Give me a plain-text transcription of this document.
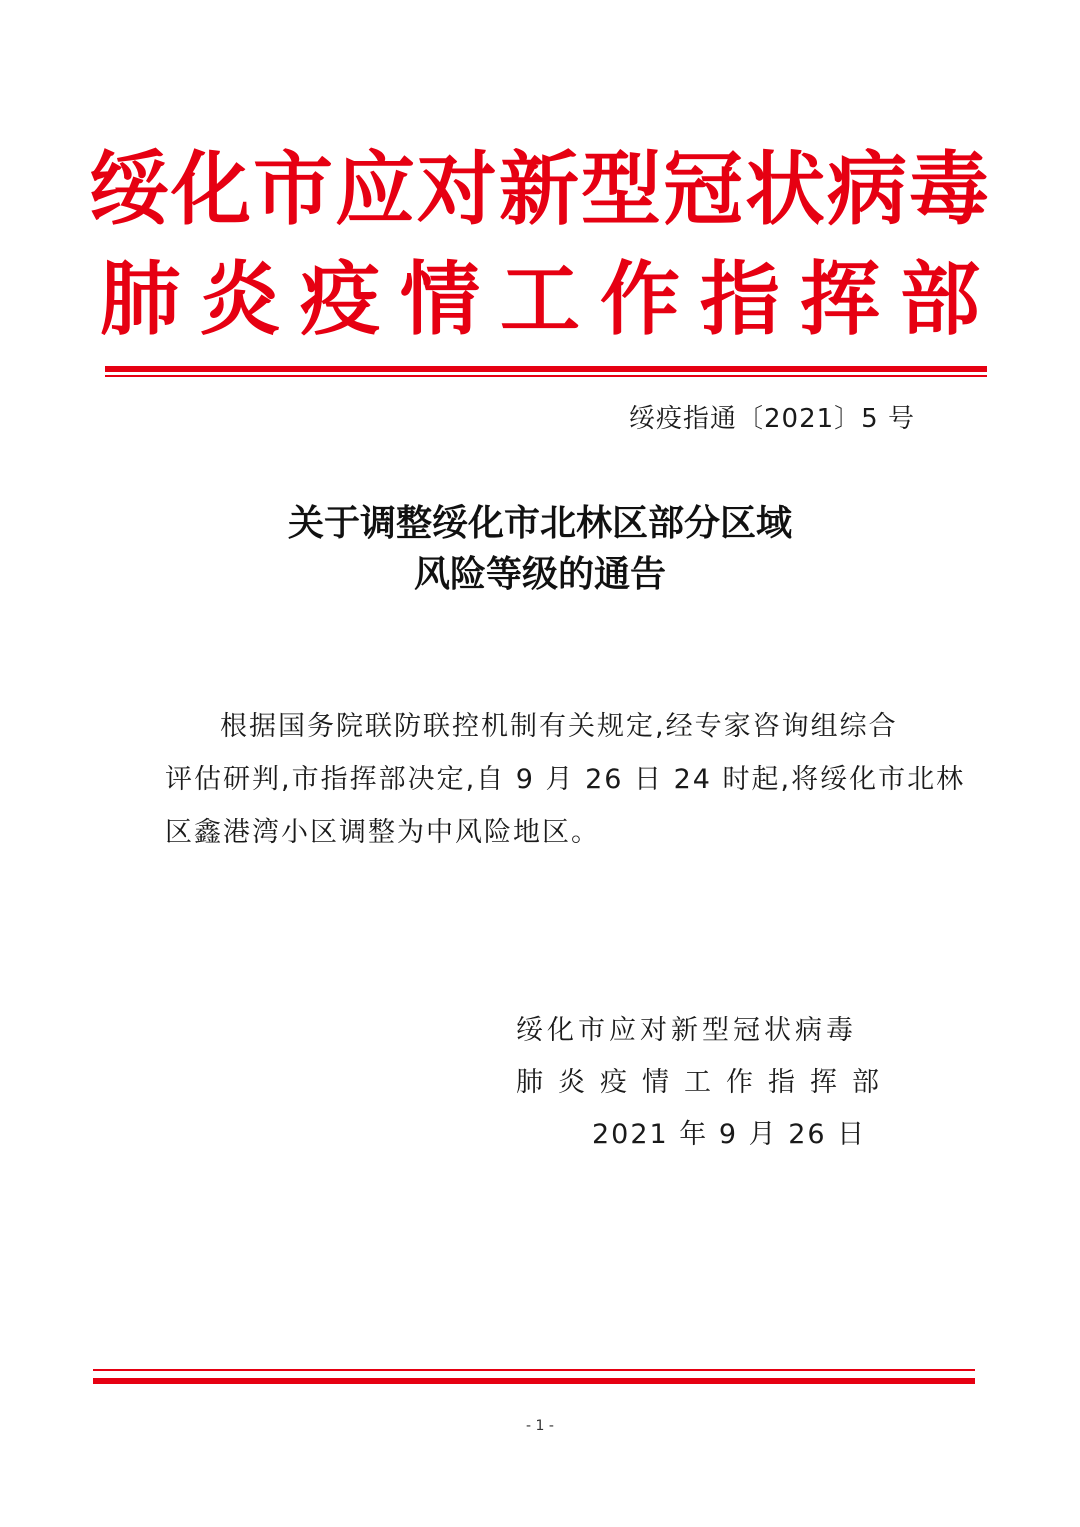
绥化市应对新型冠状病毒
肺炎疫情工作指挥部
绥疫指通〔2021〕5 号
关于调整绥化市北林区部分区域
风险等级的通告
根据国务院联防联控机制有关规定,经专家咨询组综合
评估研判,市指挥部决定,自 9 月 26 日 24 时起,将绥化市北林
区鑫港湾小区调整为中风险地区。
绥化市应对新型冠状病毒
肺炎疫情工作指挥部
2021 年 9 月 26 日
- 1 -
